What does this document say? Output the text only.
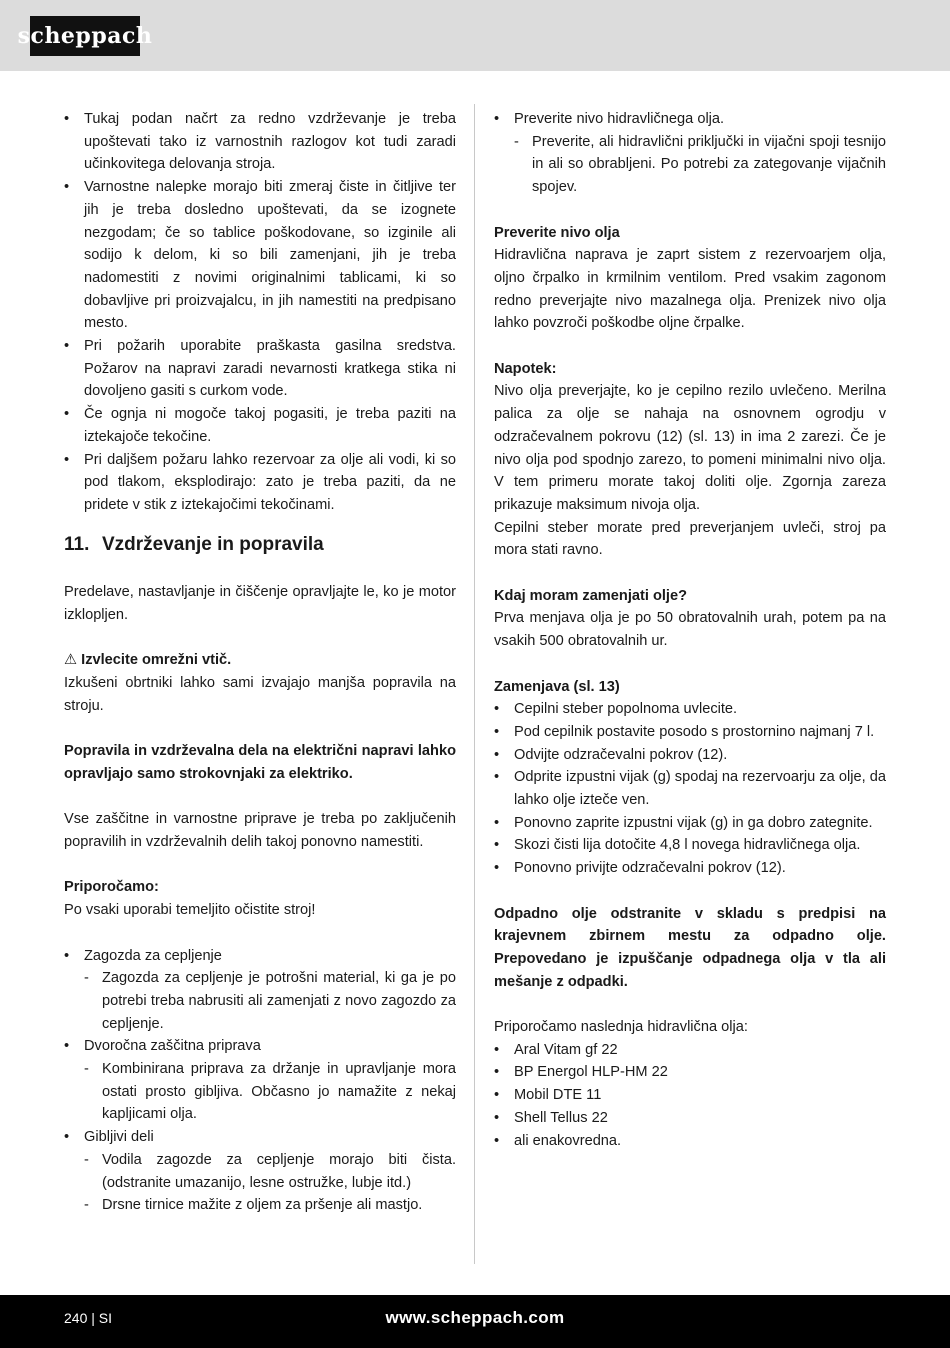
scheppach
• Tukaj podan načrt za redno vzdrževanje je treba upoštevati tako iz varnostnih razlogov kot tudi zaradi učinkovitega delovanja stroja.
• Varnostne nalepke morajo biti zmeraj čiste in čitljive ter jih je treba dosledno upoštevati, da se izognete nezgodam; če so tablice poškodovane, so izginile ali sodijo k delom, ki so bili zamenjani, jih je treba nadomestiti z novimi originalnimi tablicami, ki so dobavljive pri proizvajalcu, in jih namestiti na predpisano mesto.
• Pri požarih uporabite praškasta gasilna sredstva. Požarov na napravi zaradi nevarnosti kratkega stika ni dovoljeno gasiti s curkom vode.
• Če ognja ni mogoče takoj pogasiti, je treba paziti na iztekajoče tekočine.
• Pri daljšem požaru lahko rezervoar za olje ali vodi, ki so pod tlakom, eksplodirajo: zato je treba paziti, da ne pridete v stik z iztekajočimi tekočinami.
11. Vzdrževanje in popravila

Predelave, nastavljanje in čiščenje opravljajte le, ko je motor izklopljen.

⚠ Izvlecite omrežni vtič.

Izkušeni obrtniki lahko sami izvajajo manjša popravila na stroju.

Popravila in vzdrževalna dela na električni napravi lahko opravljajo samo strokovnjaki za elektriko.

Vse zaščitne in varnostne priprave je treba po zaključenih popravilih in vzdrževalnih delih takoj ponovno namestiti.

Priporočamo:

Po vsaki uporabi temeljito očistite stroj!

• Zagozda za cepljenje
- Zagozda za cepljenje je potrošni material, ki ga je po potrebi treba nabrusiti ali zamenjati z novo zagozdo za cepljenje.
• Dvoročna zaščitna priprava
- Kombinirana priprava za držanje in upravljanje mora ostati prosto gibljiva. Občasno jo namažite z nekaj kapljicami olja.
• Gibljivi deli
- Vodila zagozde za cepljenje morajo biti čista. (odstranite umazanijo, lesne ostružke, lubje itd.)
- Drsne tirnice mažite z oljem za pršenje ali mastjo.
• Preverite nivo hidravličnega olja.
- Preverite, ali hidravlični priključki in vijačni spoji tesnijo in ali so obrabljeni. Po potrebi za zategovanje vijačnih spojev.

Preverite nivo olja

Hidravlična naprava je zaprt sistem z rezervoarjem olja, oljno črpalko in krmilnim ventilom. Pred vsakim zagonom redno preverjajte nivo mazalnega olja. Prenizek nivo olja lahko povzroči poškodbe oljne črpalke.

Napotek:

Nivo olja preverjajte, ko je cepilno rezilo uvlečeno. Merilna palica za olje se nahaja na osnovnem ogrodju v odzračevalnem pokrovu (12) (sl. 13) in ima 2 zarezi. Če je nivo olja pod spodnjo zarezo, to pomeni minimalni nivo olja. V tem primeru morate takoj doliti olje. Zgornja zareza prikazuje maksimum nivoja olja.

Cepilni steber morate pred preverjanjem uvleči, stroj pa mora stati ravno.

Kdaj moram zamenjati olje?

Prva menjava olja je po 50 obratovalnih urah, potem pa na vsakih 500 obratovalnih ur.

Zamenjava (sl. 13)

• Cepilni steber popolnoma uvlecite.
• Pod cepilnik postavite posodo s prostornino najmanj 7 l.
• Odvijte odzračevalni pokrov (12).
• Odprite izpustni vijak (g) spodaj na rezervoarju za olje, da lahko olje izteče ven.
• Ponovno zaprite izpustni vijak (g) in ga dobro zategnite.
• Skozi čisti lija dotočite 4,8 l novega hidravličnega olja.
• Ponovno privijte odzračevalni pokrov (12).

Odpadno olje odstranite v skladu s predpisi na krajevnem zbirnem mestu za odpadno olje. Prepovedano je izpuščanje odpadnega olja v tla ali mešanje z odpadki.

Priporočamo naslednja hidravlična olja:

• Aral Vitam gf 22
• BP Energol HLP-HM 22
• Mobil DTE 11
• Shell Tellus 22
• ali enakovredna.
240 | SI	www.scheppach.com
